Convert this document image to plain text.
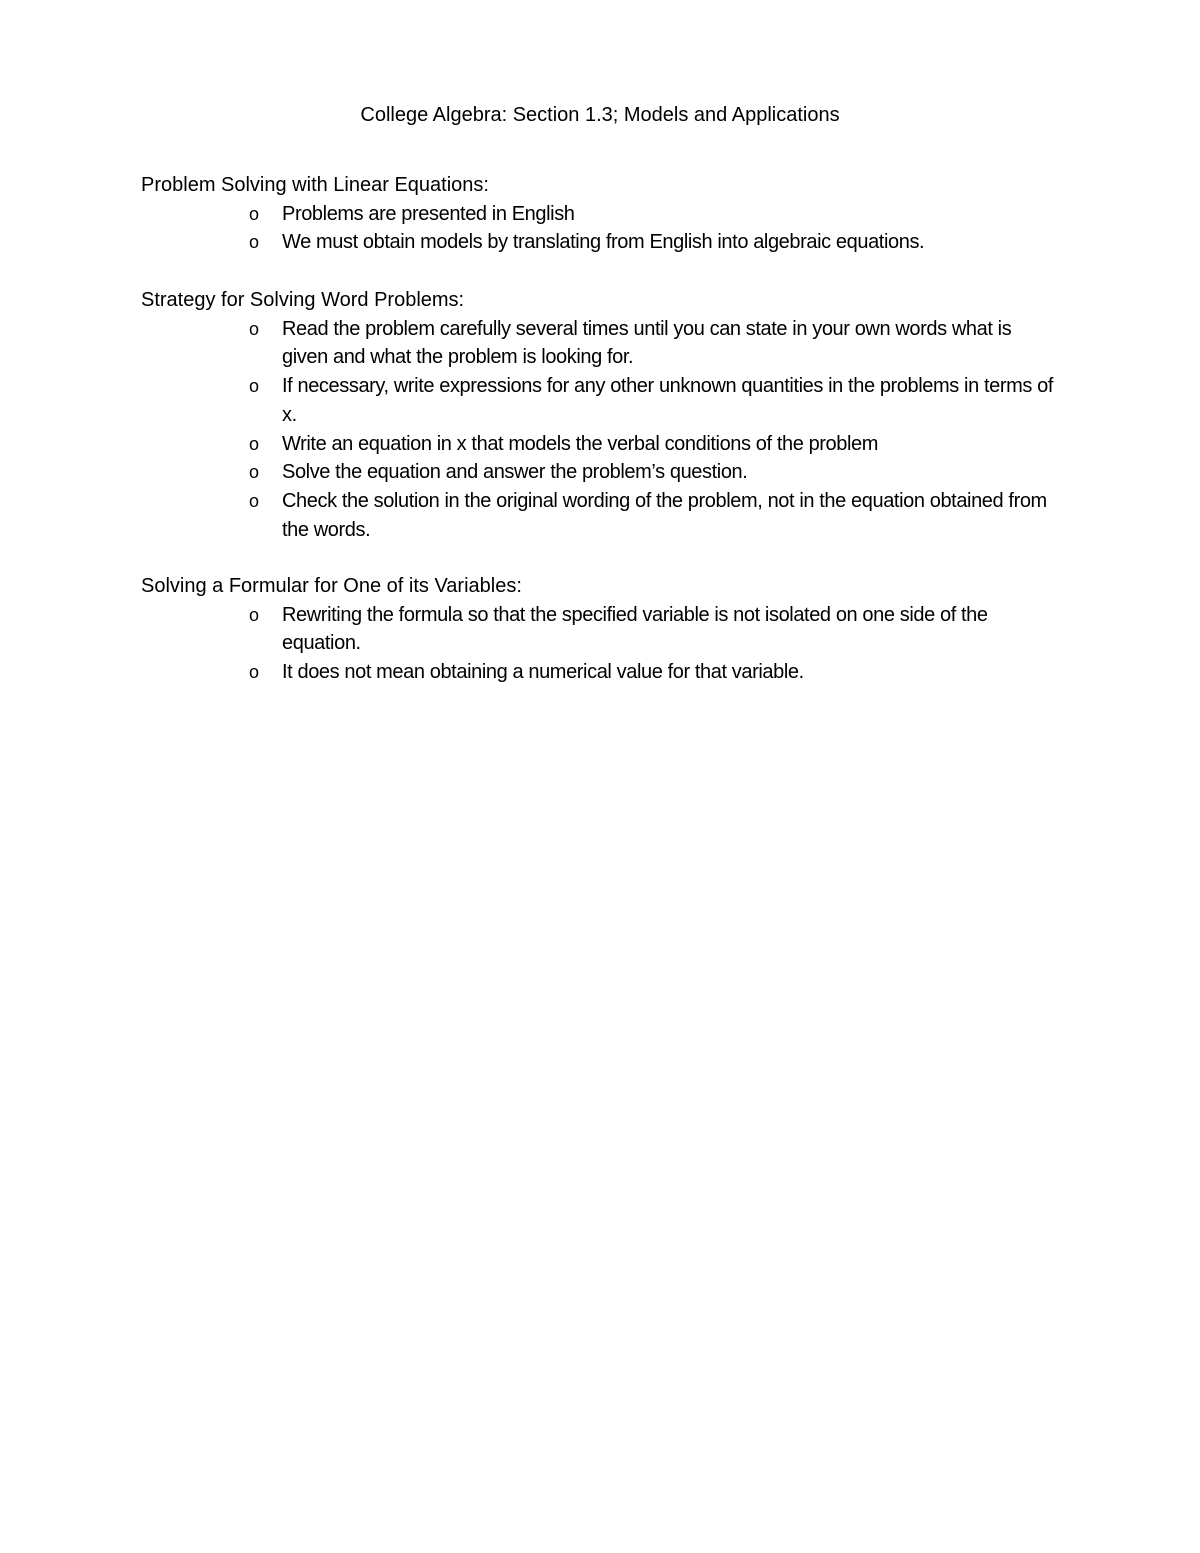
College Algebra: Section 1.3; Models and Applications

Problem Solving with Linear Equations:

o Problems are presented in English
o We must obtain models by translating from English into algebraic equations.

Strategy for Solving Word Problems:

o Read the problem carefully several times until you can state in your own words what is given and what the problem is looking for.
o If necessary, write expressions for any other unknown quantities in the problems in terms of x.
o Write an equation in x that models the verbal conditions of the problem
o Solve the equation and answer the problem’s question.
o Check the solution in the original wording of the problem, not in the equation obtained from the words.

Solving a Formular for One of its Variables:

o Rewriting the formula so that the specified variable is not isolated on one side of the equation.
o It does not mean obtaining a numerical value for that variable.
